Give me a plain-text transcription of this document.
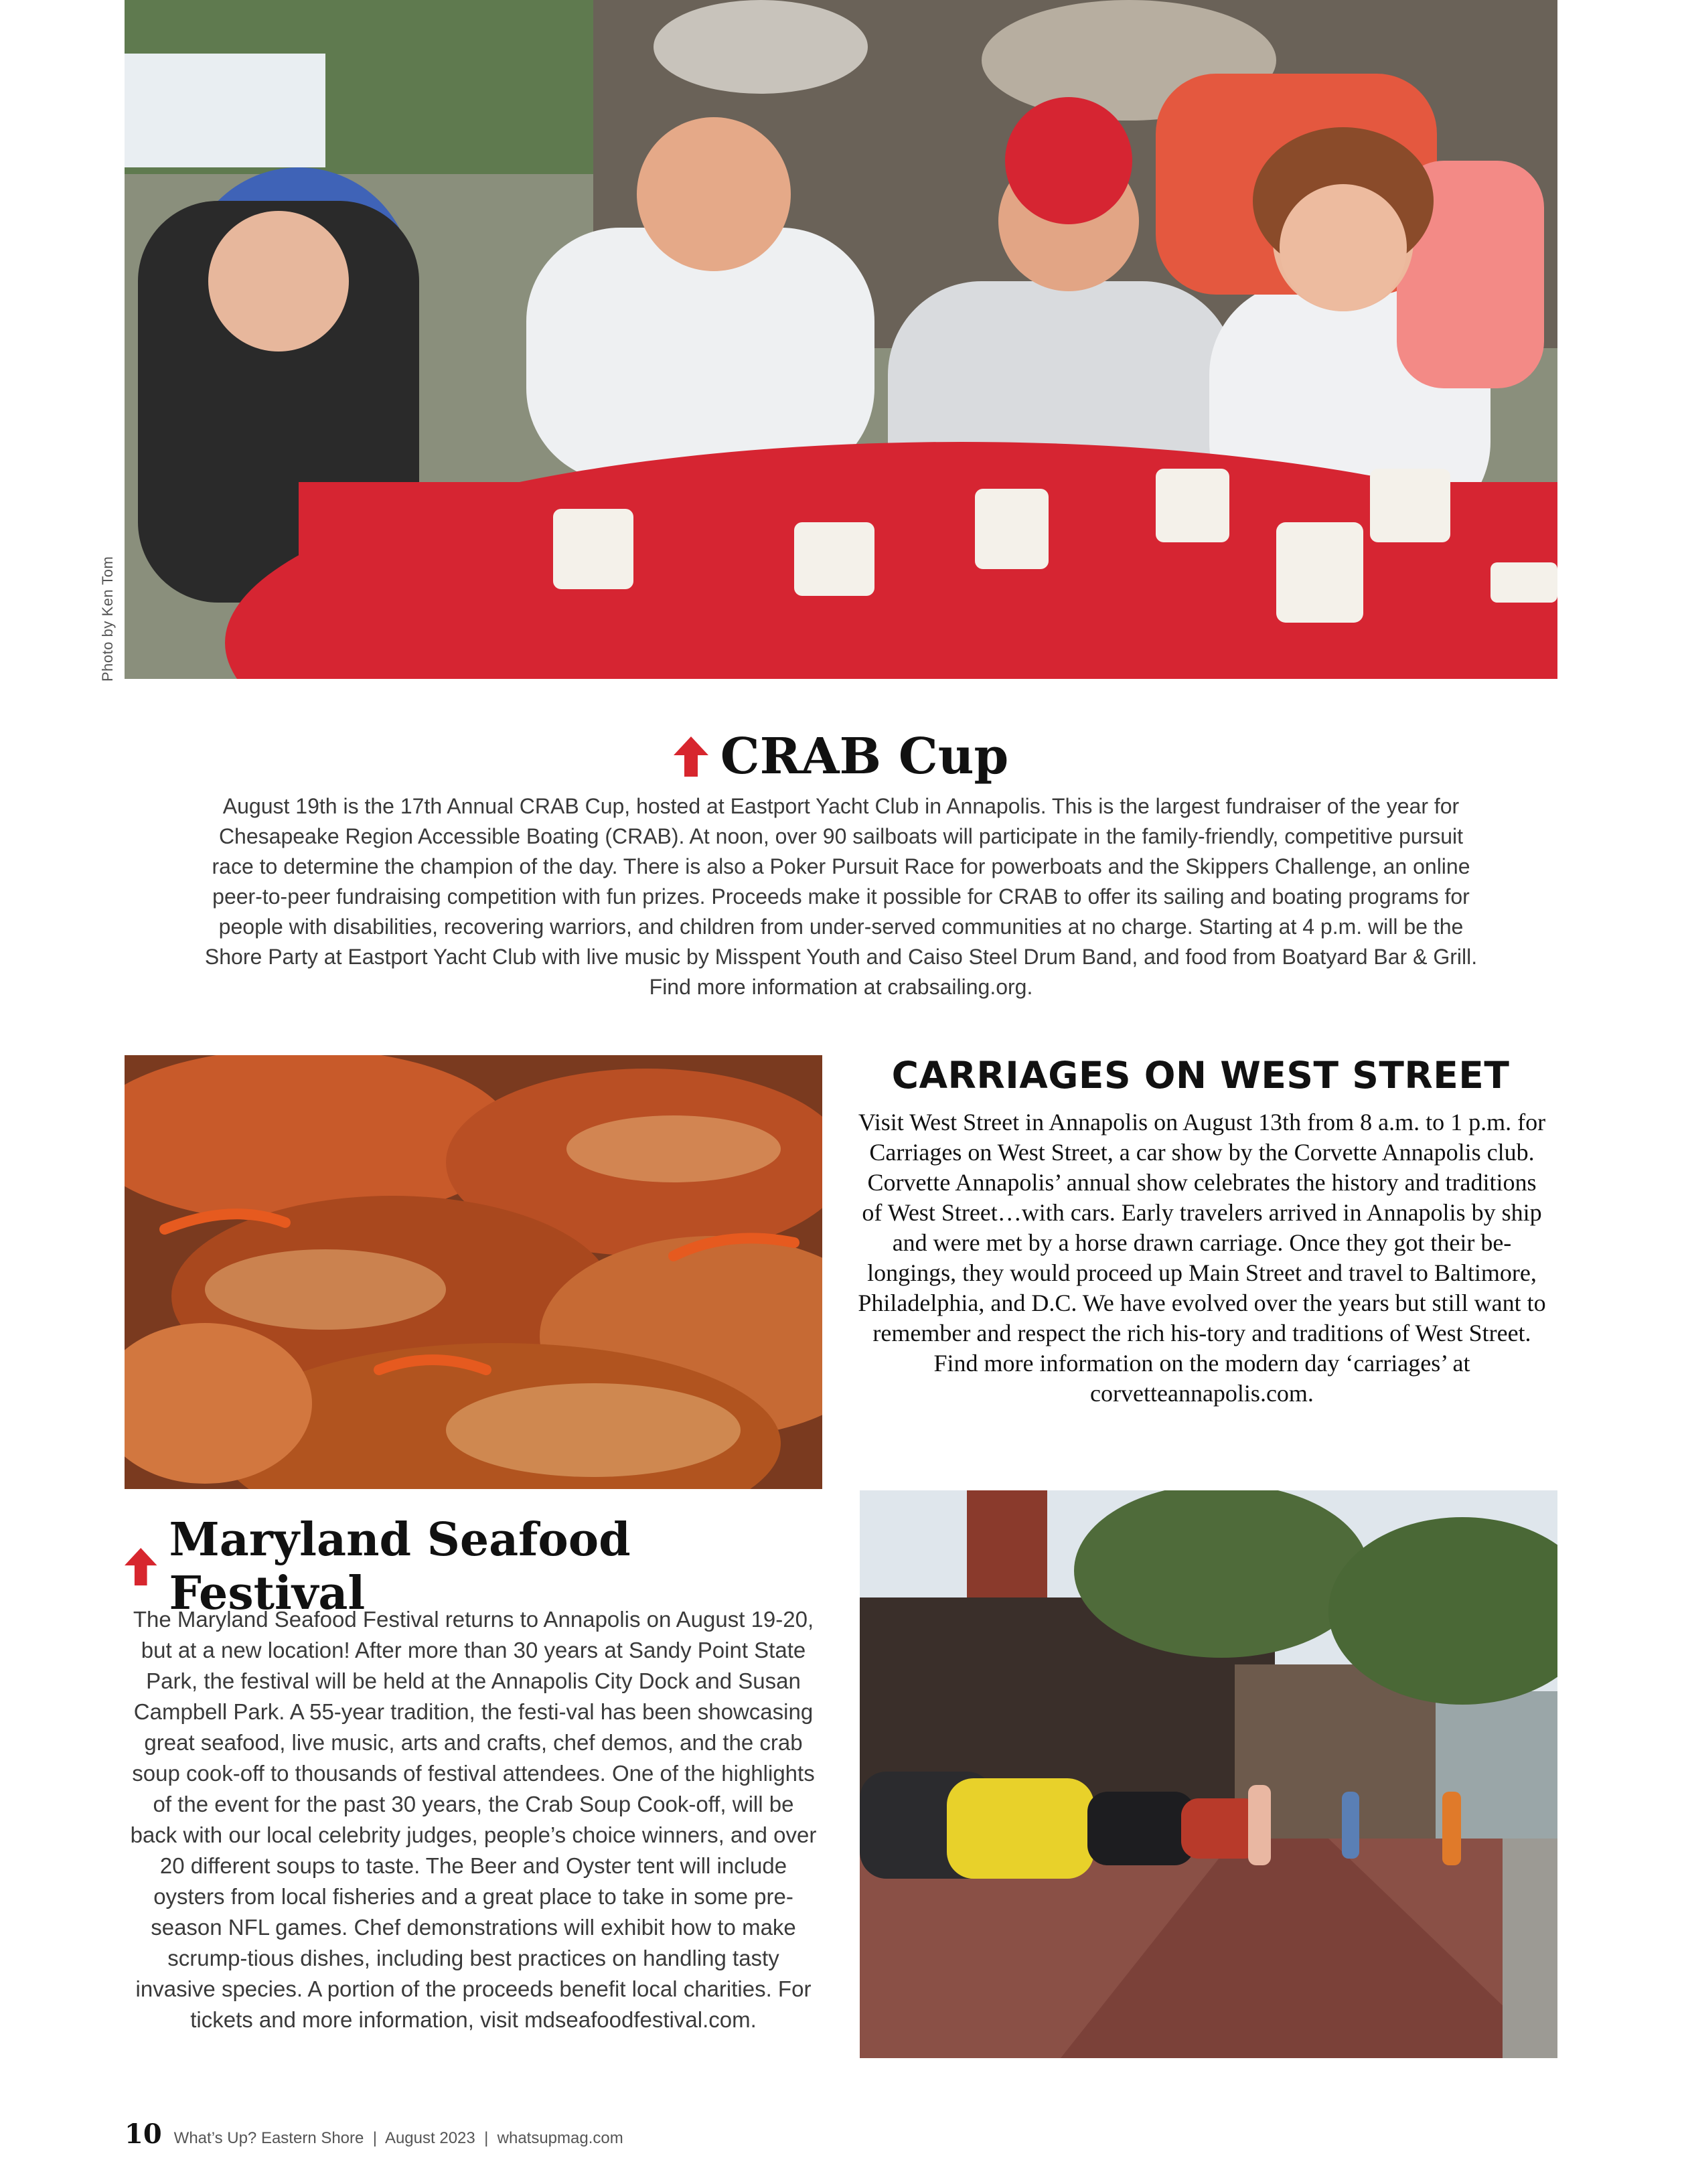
Photo by Ken Tom
CRAB Cup
August 19th is the 17th Annual CRAB Cup, hosted at Eastport Yacht Club in Annapolis. This is the largest fundraiser of the year for Chesapeake Region Accessible Boating (CRAB). At noon, over 90 sailboats will participate in the family-friendly, competitive pursuit race to determine the champion of the day. There is also a Poker Pursuit Race for powerboats and the Skippers Challenge, an online peer-to-peer fundraising competition with fun prizes. Proceeds make it possible for CRAB to offer its sailing and boating programs for people with disabilities, recovering warriors, and children from under-served communities at no charge. Starting at 4 p.m. will be the Shore Party at Eastport Yacht Club with live music by Misspent Youth and Caiso Steel Drum Band, and food from Boatyard Bar & Grill. Find more information at crabsailing.org.
CARRIAGES ON WEST STREET
Visit West Street in Annapolis on August 13th from 8 a.m. to 1 p.m. for Carriages on West Street, a car show by the Corvette Annapolis club. Corvette Annapolis’ annual show celebrates the history and traditions of West Street…with cars. Early travelers arrived in Annapolis by ship and were met by a horse drawn carriage. Once they got their be-longings, they would proceed up Main Street and travel to Baltimore, Philadelphia, and D.C. We have evolved over the years but still want to remember and respect the rich his-tory and traditions of West Street. Find more information on the modern day ‘carriages’ at corvetteannapolis.com.
Maryland Seafood Festival
The Maryland Seafood Festival returns to Annapolis on August 19-20, but at a new location! After more than 30 years at Sandy Point State Park, the festival will be held at the Annapolis City Dock and Susan Campbell Park. A 55-year tradition, the festi-val has been showcasing great seafood, live music, arts and crafts, chef demos, and the crab soup cook-off to thousands of festival attendees. One of the highlights of the event for the past 30 years, the Crab Soup Cook-off, will be back with our local celebrity judges, people’s choice winners, and over 20 different soups to taste. The Beer and Oyster tent will include oysters from local fisheries and a great place to take in some pre-season NFL games. Chef demonstrations will exhibit how to make scrump-tious dishes, including best practices on handling tasty invasive species. A portion of the proceeds benefit local charities. For tickets and more information, visit mdseafoodfestival.com.
10 What’s Up? Eastern Shore  |  August 2023  |  whatsupmag.com
